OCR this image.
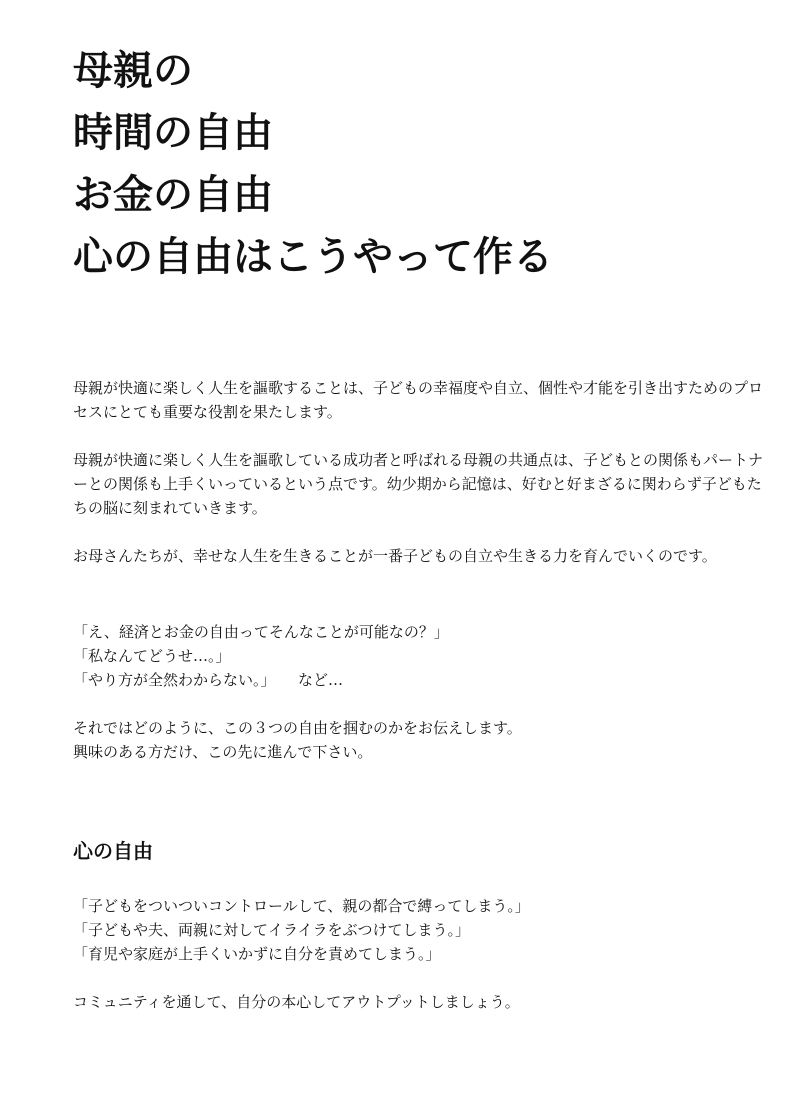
母親の
時間の自由
お金の自由
心の自由はこうやって作る

母親が快適に楽しく人生を謳歌することは、子どもの幸福度や自立、個性や才能を引き出すためのプロセスにとても重要な役割を果たします。

母親が快適に楽しく人生を謳歌している成功者と呼ばれる母親の共通点は、子どもとの関係もパートナーとの関係も上手くいっているという点です。幼少期から記憶は、好むと好まざるに関わらず子どもたちの脳に刻まれていきます。

お母さんたちが、幸せな人生を生きることが一番子どもの自立や生きる力を育んでいくのです。

「え、経済とお金の自由ってそんなことが可能なの？」
「私なんてどうせ…。」
「やり方が全然わからない。」　　など…
それではどのように、この３つの自由を掴むのかをお伝えします。
興味のある方だけ、この先に進んで下さい。
心の自由
「子どもをついついコントロールして、親の都合で縛ってしまう。」
「子どもや夫、両親に対してイライラをぶつけてしまう。」
「育児や家庭が上手くいかずに自分を責めてしまう。」
コミュニティを通して、自分の本心してアウトプットしましょう。
